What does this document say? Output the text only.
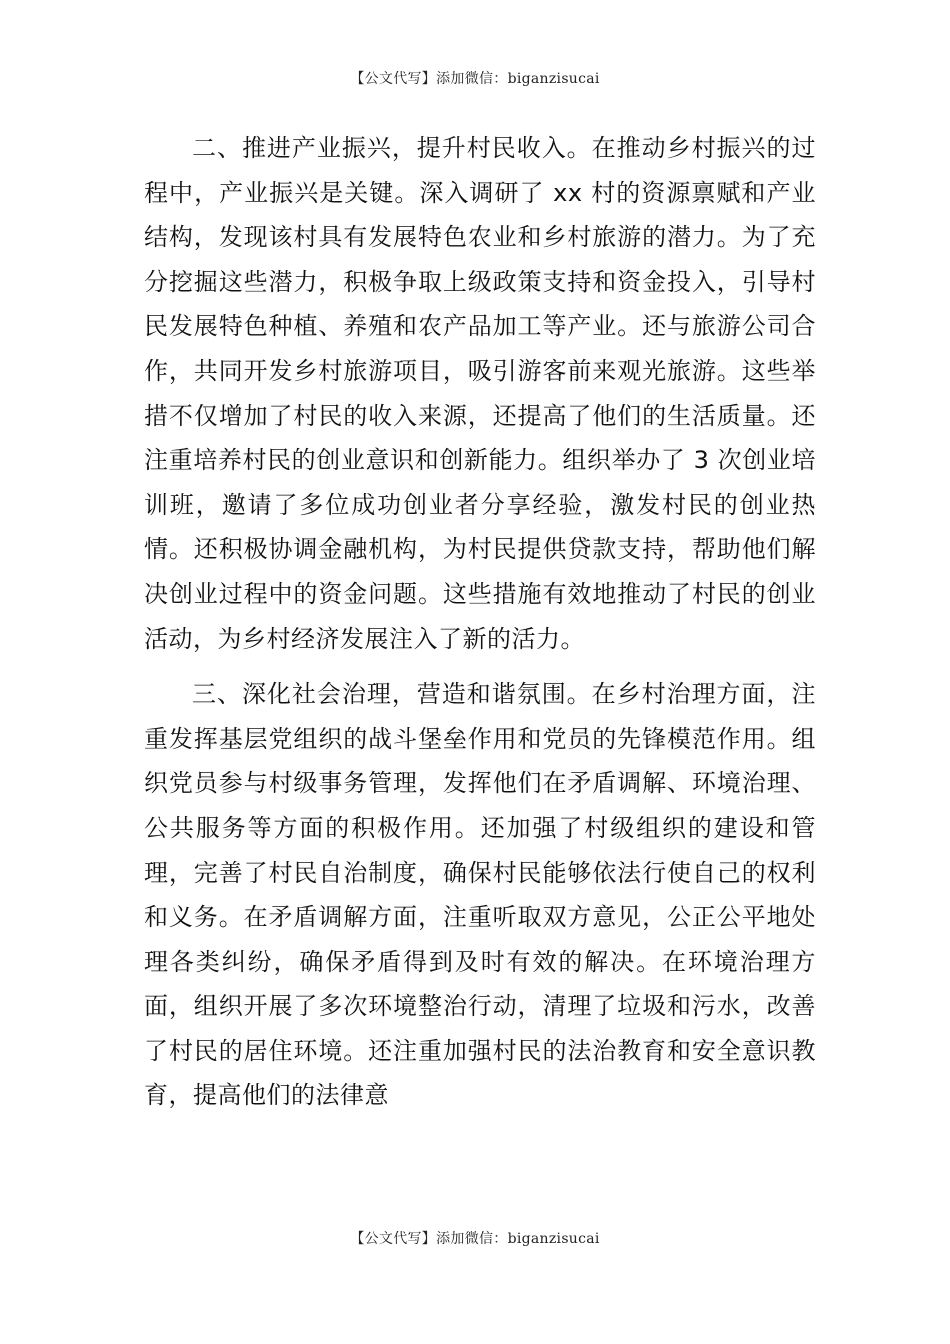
【公文代写】添加微信：biganzisucai

二、推进产业振兴，提升村民收入。在推动乡村振兴的过程中，产业振兴是关键。深入调研了 xx 村的资源禀赋和产业结构，发现该村具有发展特色农业和乡村旅游的潜力。为了充分挖掘这些潜力，积极争取上级政策支持和资金投入，引导村民发展特色种植、养殖和农产品加工等产业。还与旅游公司合作，共同开发乡村旅游项目，吸引游客前来观光旅游。这些举措不仅增加了村民的收入来源，还提高了他们的生活质量。还注重培养村民的创业意识和创新能力。组织举办了 3 次创业培训班，邀请了多位成功创业者分享经验，激发村民的创业热情。还积极协调金融机构，为村民提供贷款支持，帮助他们解决创业过程中的资金问题。这些措施有效地推动了村民的创业活动，为乡村经济发展注入了新的活力。

三、深化社会治理，营造和谐氛围。在乡村治理方面，注重发挥基层党组织的战斗堡垒作用和党员的先锋模范作用。组织党员参与村级事务管理，发挥他们在矛盾调解、环境治理、公共服务等方面的积极作用。还加强了村级组织的建设和管理，完善了村民自治制度，确保村民能够依法行使自己的权利和义务。在矛盾调解方面，注重听取双方意见，公正公平地处理各类纠纷，确保矛盾得到及时有效的解决。在环境治理方面，组织开展了多次环境整治行动，清理了垃圾和污水，改善了村民的居住环境。还注重加强村民的法治教育和安全意识教育，提高他们的法律意

【公文代写】添加微信：biganzisucai
